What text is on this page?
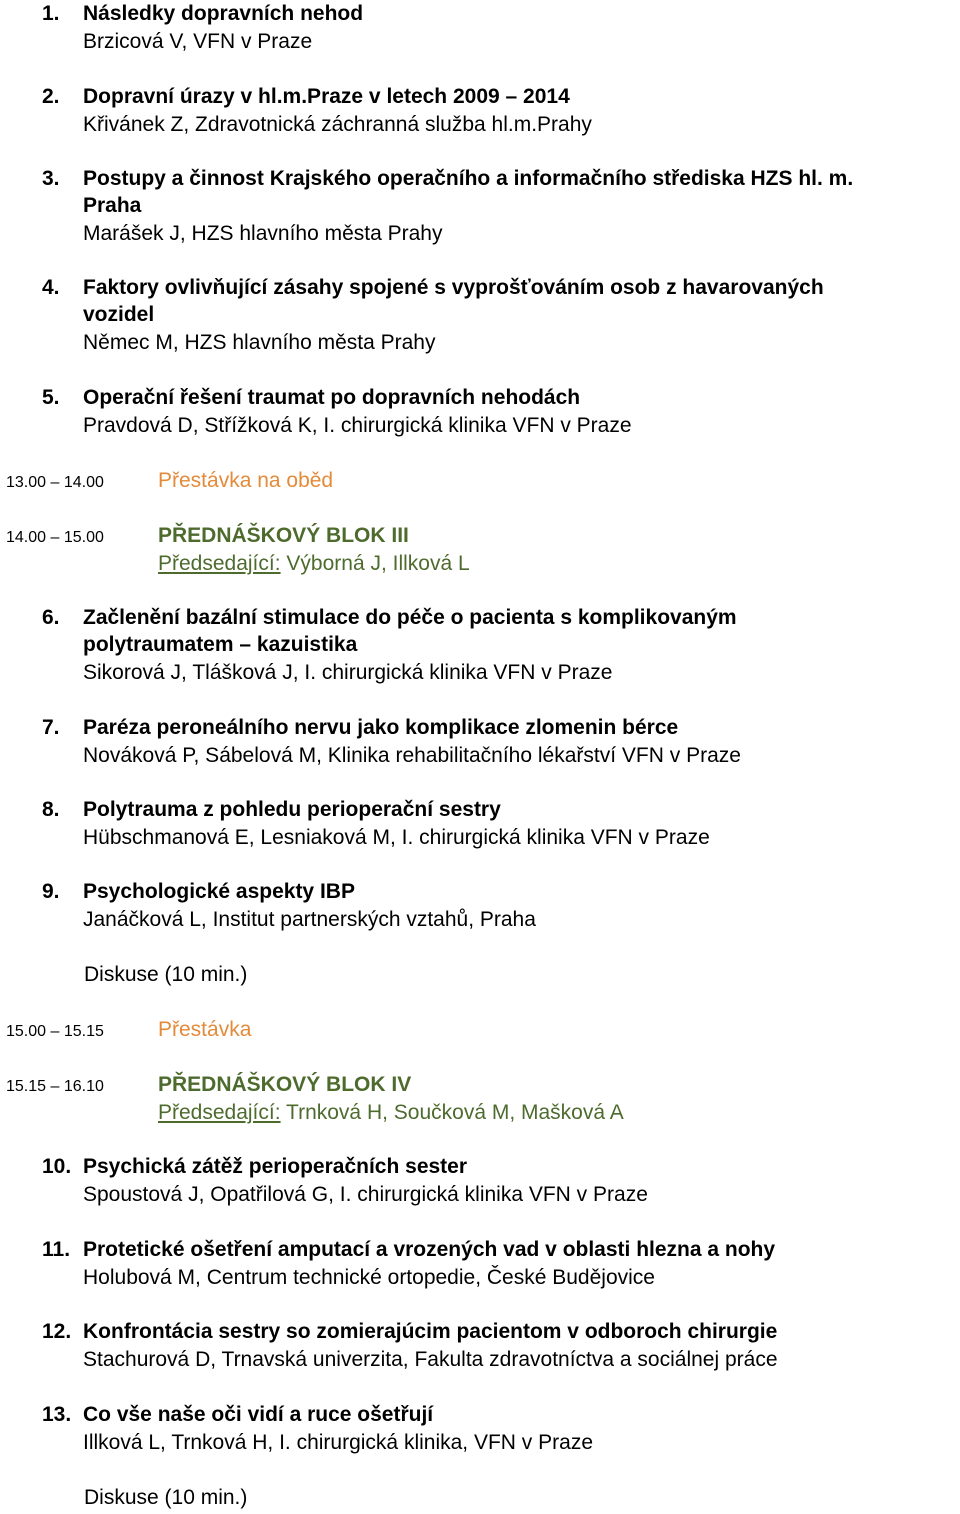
1. Následky dopravních nehod
Brzicová V, VFN v Praze
2. Dopravní úrazy v hl.m.Praze v letech 2009 – 2014
Křivánek Z, Zdravotnická záchranná služba hl.m.Prahy
3. Postupy a činnost Krajského operačního a informačního střediska HZS hl. m.
Praha
Marášek J, HZS hlavního města Prahy
4. Faktory ovlivňující zásahy spojené s vyprošťováním osob z havarovaných
vozidel
Němec M, HZS hlavního města Prahy
5. Operační řešení traumat po dopravních nehodách
Pravdová D, Střížková K, I. chirurgická klinika VFN v Praze
13.00 – 14.00	Přestávka na oběd
14.00 – 15.00	PŘEDNÁŠKOVÝ BLOK III
Předsedající: Výborná J, Illková L
6. Začlenění bazální stimulace do péče o pacienta s komplikovaným
polytraumatem – kazuistika
Sikorová J, Tlášková J, I. chirurgická klinika VFN v Praze
7. Paréza peroneálního nervu jako komplikace zlomenin bérce
Nováková P, Sábelová M, Klinika rehabilitačního lékařství VFN v Praze
8. Polytrauma z pohledu perioperační sestry
Hübschmanová E, Lesniaková M, I. chirurgická klinika VFN v Praze
9. Psychologické aspekty IBP
Janáčková L, Institut partnerských vztahů, Praha
Diskuse (10 min.)
15.00 – 15.15	Přestávka
15.15 – 16.10	PŘEDNÁŠKOVÝ BLOK IV
Předsedající: Trnková H, Součková M, Mašková A
10. Psychická zátěž perioperačních sester
Spoustová J, Opatřilová G, I. chirurgická klinika VFN v Praze
11. Protetické ošetření amputací a vrozených vad v oblasti hlezna a nohy
Holubová M, Centrum technické ortopedie, České Budějovice
12. Konfrontácia sestry so zomierajúcim pacientom v odboroch chirurgie
Stachurová D, Trnavská univerzita, Fakulta zdravotníctva a sociálnej práce
13. Co vše naše oči vidí a ruce ošetřují
Illková L, Trnková H, I. chirurgická klinika, VFN v Praze
Diskuse (10 min.)
